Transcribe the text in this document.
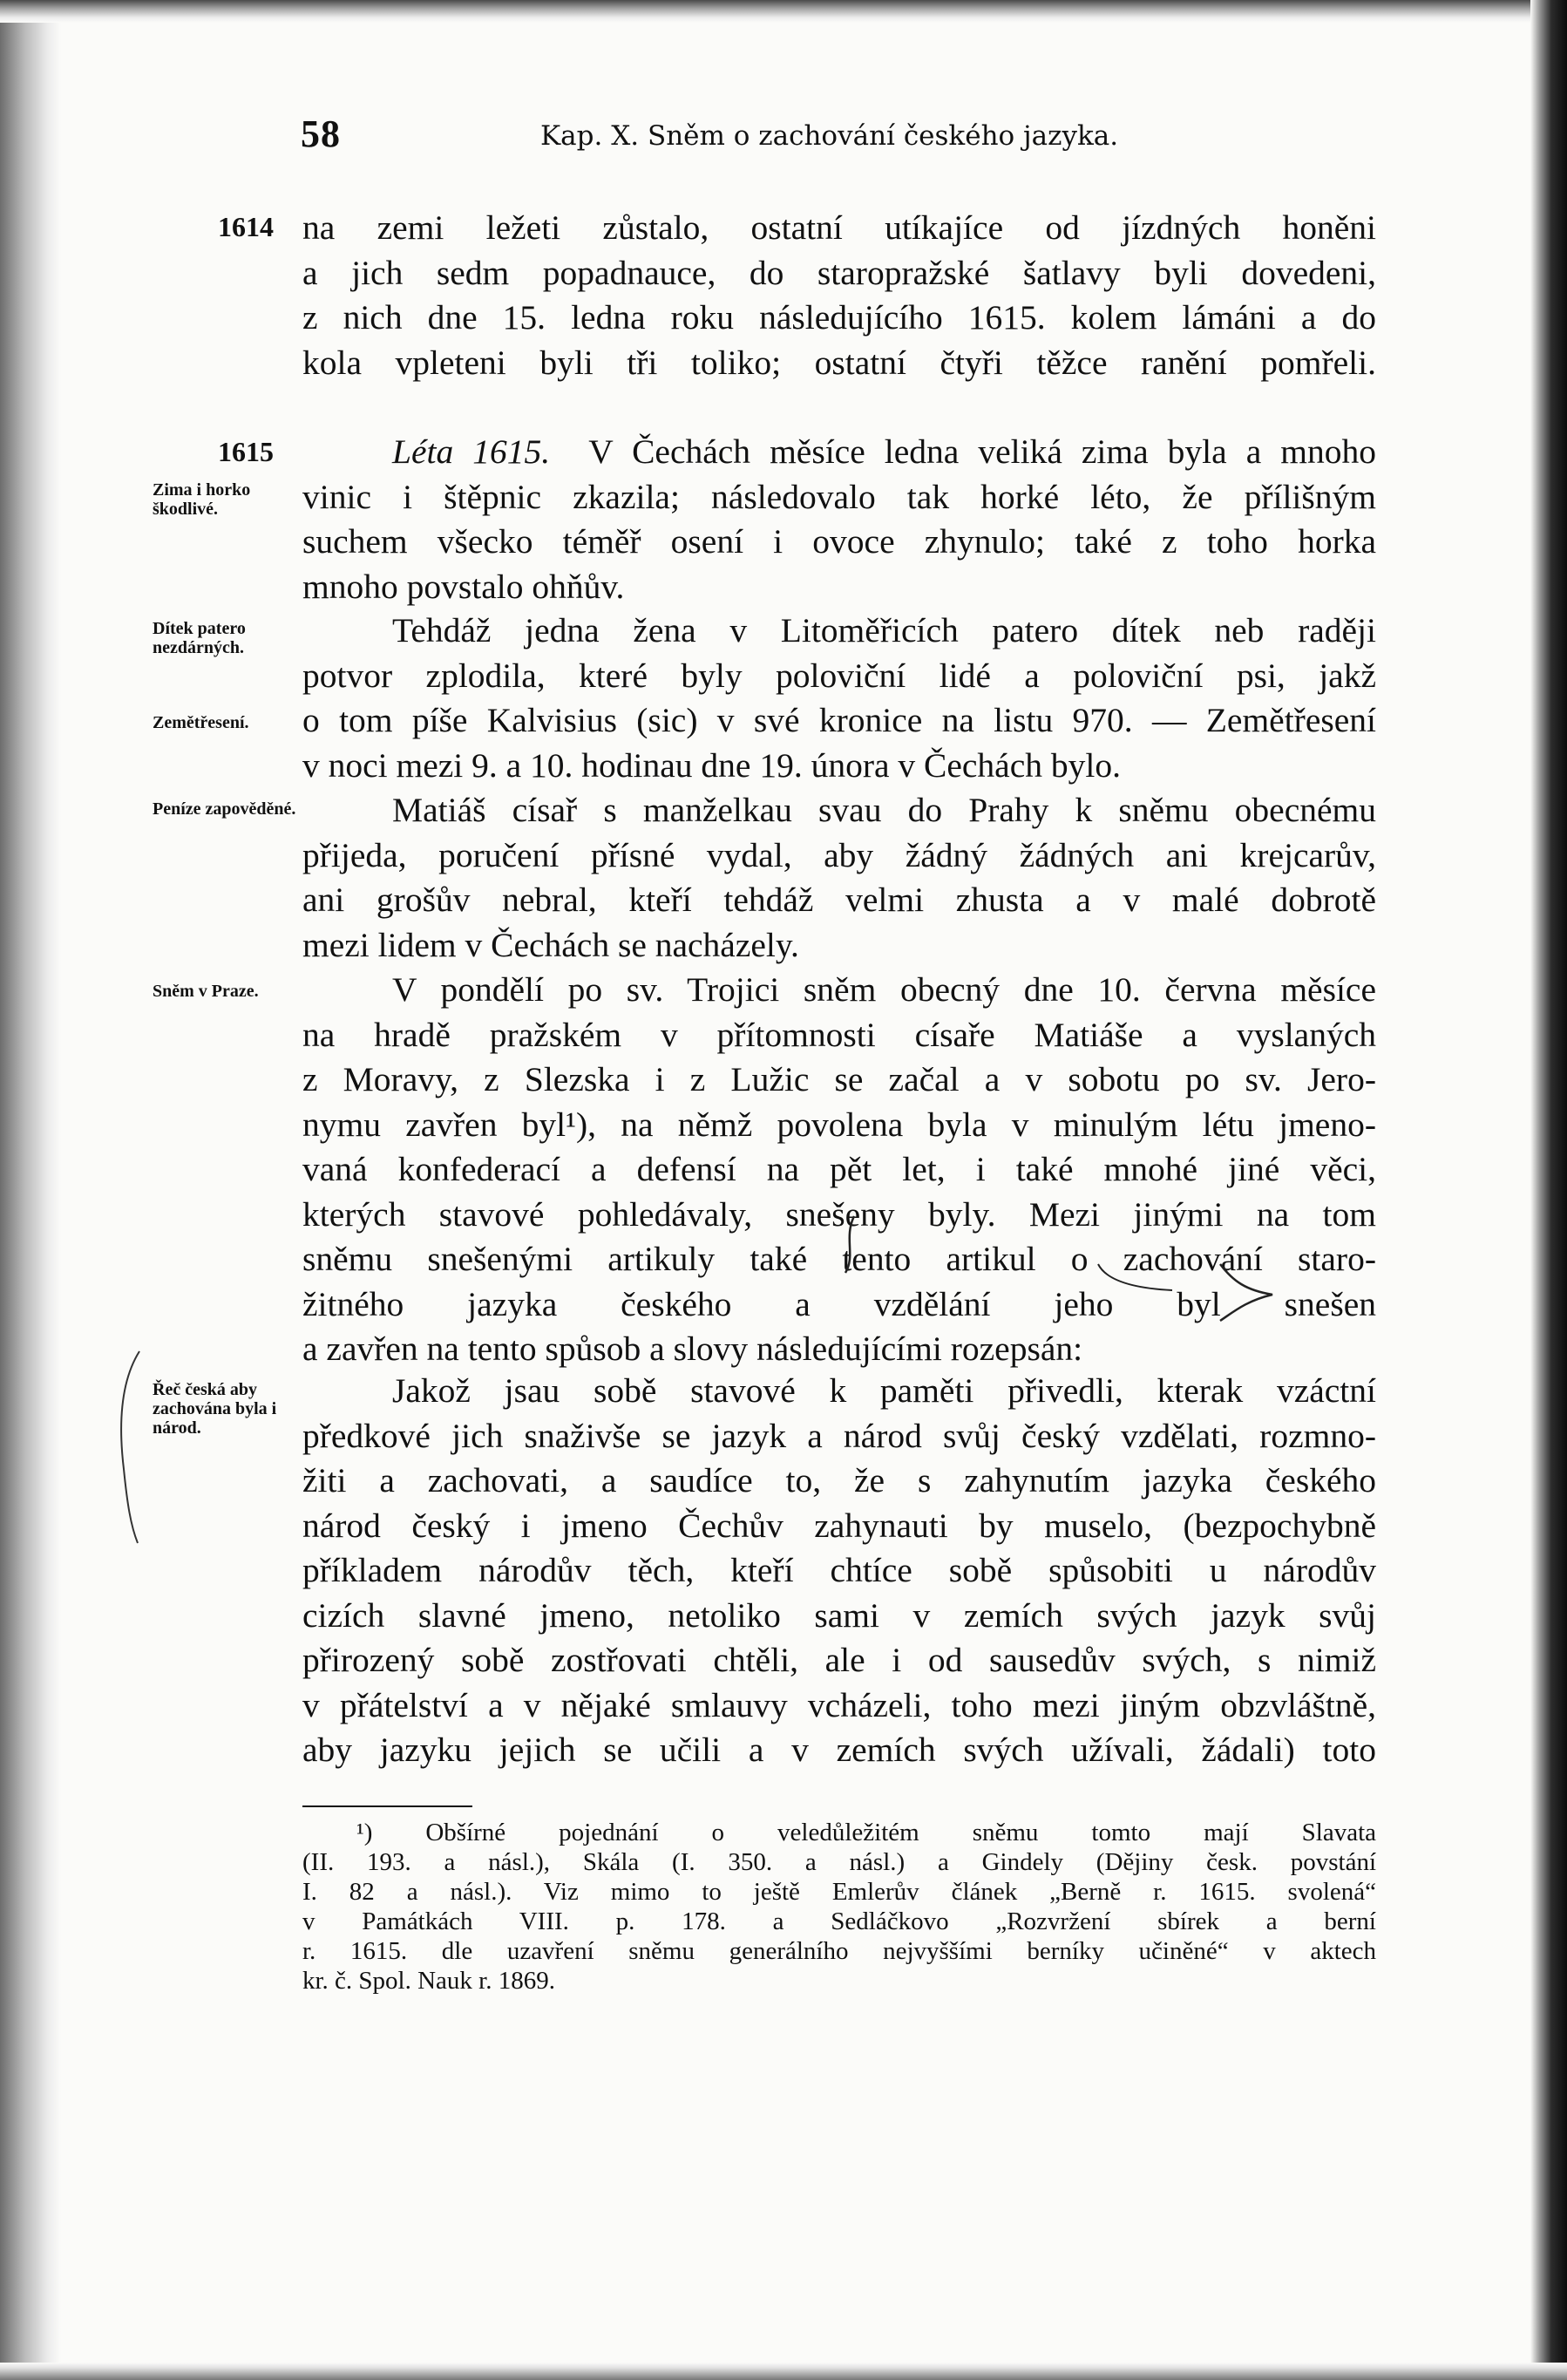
58	Kap. X. Sněm o zachování českého jazyka.
1614
1615
Zima i horko škodlivé.
Dítek patero nezdárných.
Zemětřesení.
Peníze zapověděné.
Sněm v Praze.
Řeč česká aby zachována byla i národ.
na zemi ležeti zůstalo, ostatní utíkajíce od jízdných honěni
a jich sedm popadnauce, do staropražské šatlavy byli dovedeni,
z nich dne 15. ledna roku následujícího 1615. kolem lámáni a do
kola vpleteni byli tři toliko; ostatní čtyři těžce ranění pomřeli.
Léta 1615. V Čechách měsíce ledna veliká zima byla a mnoho
vinic i štěpnic zkazila; následovalo tak horké léto, že přílišným
suchem všecko téměř osení i ovoce zhynulo; také z toho horka
mnoho povstalo ohňův.
Tehdáž jedna žena v Litoměřicích patero dítek neb raději
potvor zplodila, které byly poloviční lidé a poloviční psi, jakž
o tom píše Kalvisius (sic) v své kronice na listu 970. — Zemětřesení
v noci mezi 9. a 10. hodinau dne 19. února v Čechách bylo.
Matiáš císař s manželkau svau do Prahy k sněmu obecnému
přijeda, poručení přísné vydal, aby žádný žádných ani krejcarův,
ani grošův nebral, kteří tehdáž velmi zhusta a v malé dobrotě
mezi lidem v Čechách se nacházely.
V pondělí po sv. Trojici sněm obecný dne 10. června měsíce
na hradě pražském v přítomnosti císaře Matiáše a vyslaných
z Moravy, z Slezska i z Lužic se začal a v sobotu po sv. Jero-
nymu zavřen byl¹), na němž povolena byla v minulým létu jmeno-
vaná konfederací a defensí na pět let, i také mnohé jiné věci,
kterých stavové pohledávaly, snešeny byly. Mezi jinými na tom
sněmu snešenými artikuly také tento artikul o zachování staro-
žitného jazyka českého a vzdělání jeho byl snešen
a zavřen na tento spůsob a slovy následujícími rozepsán:
Jakož jsau sobě stavové k paměti přivedli, kterak vzáctní
předkové jich snaživše se jazyk a národ svůj český vzdělati, rozmno-
žiti a zachovati, a saudíce to, že s zahynutím jazyka českého
národ český i jmeno Čechův zahynauti by muselo, (bezpochybně
příkladem národův těch, kteří chtíce sobě spůsobiti u národův
cizích slavné jmeno, netoliko sami v zemích svých jazyk svůj
přirozený sobě zostřovati chtěli, ale i od sausedův svých, s nimiž
v přátelství a v nějaké smlauvy vcházeli, toho mezi jiným obzvláštně,
aby jazyku jejich se učili a v zemích svých užívali, žádali) toto
¹) Obšírné pojednání o veledůležitém sněmu tomto mají Slavata
(II. 193. a násl.), Skála (I. 350. a násl.) a Gindely (Dějiny česk. povstání
I. 82 a násl.). Viz mimo to ještě Emlerův článek „Berně r. 1615. svolená“
v Památkách VIII. p. 178. a Sedláčkovo „Rozvržení sbírek a berní
r. 1615. dle uzavření sněmu generálního nejvyššími berníky učiněné“ v aktech
kr. č. Spol. Nauk r. 1869.
